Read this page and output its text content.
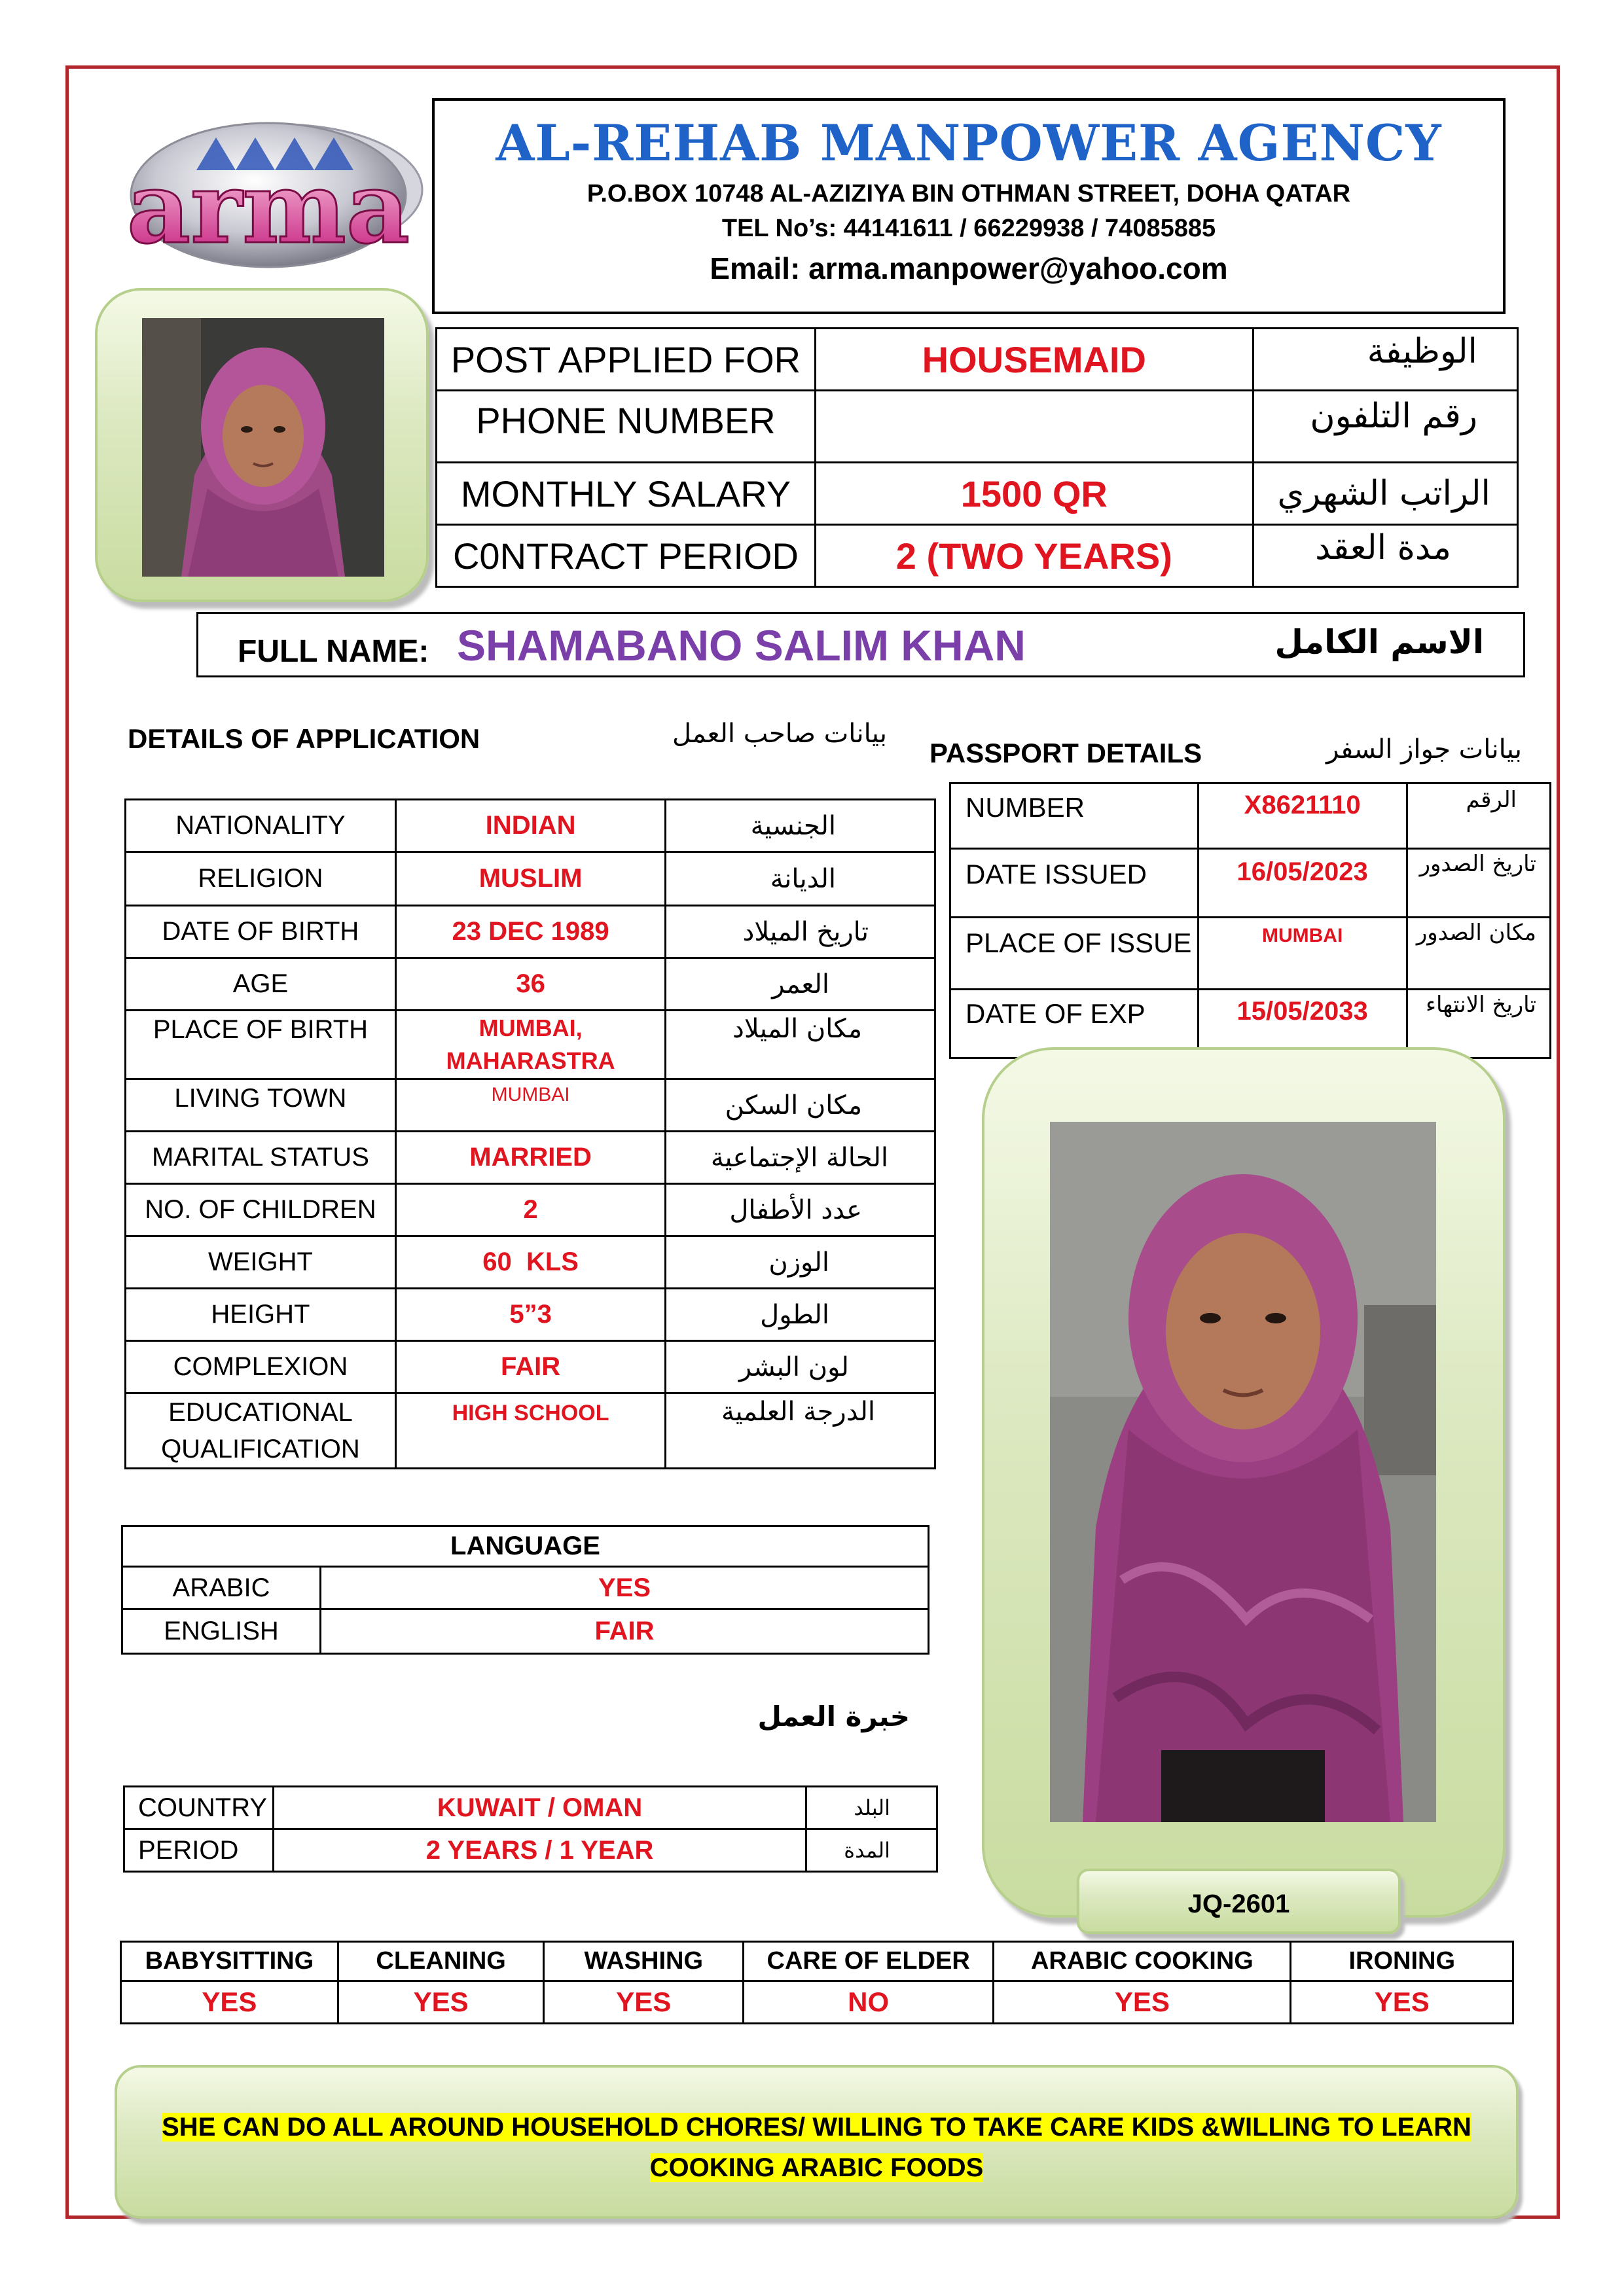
arma
AL-REHAB MANPOWER AGENCY
P.O.BOX 10748 AL-AZIZIYA BIN OTHMAN STREET, DOHA QATAR
TEL No’s: 44141611 / 66229938 / 74085885
Email: arma.manpower@yahoo.com
POST APPLIED FOR	HOUSEMAID	الوظيفة
PHONE NUMBER		رقم التلفون
MONTHLY SALARY	1500 QR	الراتب الشهري
C0NTRACT PERIOD	2 (TWO YEARS)	مدة العقد
FULL NAME: SHAMABANO SALIM KHAN	الاسم الكامل
DETAILS OF APPLICATION	بيانات صاحب العمل
NATIONALITY	INDIAN	الجنسية
RELIGION	MUSLIM	الديانة
DATE OF BIRTH	23 DEC 1989	تاريخ الميلاد
AGE	36	العمر
PLACE OF BIRTH	MUMBAI, MAHARASTRA	مكان الميلاد
LIVING TOWN	MUMBAI	مكان السكن
MARITAL STATUS	MARRIED	الحالة الإجتماعية
NO. OF CHILDREN	2	عدد الأطفال
WEIGHT	60  KLS	الوزن
HEIGHT	5”3	الطول
COMPLEXION	FAIR	لون البشر
EDUCATIONAL QUALIFICATION	HIGH SCHOOL	الدرجة العلمية
PASSPORT DETAILS	بيانات جواز السفر
NUMBER	X8621110	الرقم
DATE ISSUED	16/05/2023	تاريخ الصدور
PLACE OF ISSUE	MUMBAI	مكان الصدور
DATE OF EXP	15/05/2033	تاريخ الانتهاء
JQ-2601
LANGUAGE	
ARABIC	YES
ENGLISH	FAIR
خبرة العمل
COUNTRY	KUWAIT / OMAN	البلد
PERIOD	2 YEARS / 1 YEAR	المدة
BABYSITTING	CLEANING	WASHING	CARE OF ELDER	ARABIC COOKING	IRONING
YES	YES	YES	NO	YES	YES
SHE CAN DO ALL AROUND HOUSEHOLD CHORES/ WILLING TO TAKE CARE KIDS &WILLING TO LEARN
COOKING ARABIC FOODS
